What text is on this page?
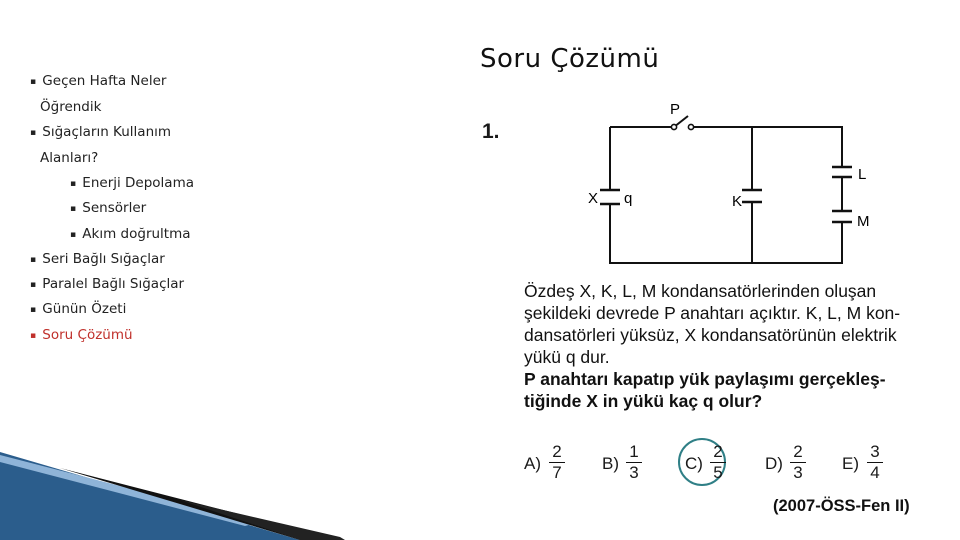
▪ Geçen Hafta Neler
Öğrendik
▪ Sığaçların Kullanım
Alanları?
▪ Enerji Depolama
▪ Sensörler
▪ Akım doğrultma
▪ Seri Bağlı Sığaçlar
▪ Paralel Bağlı Sığaçlar
▪ Günün Özeti
▪ Soru Çözümü
Soru Çözümü
1.
P
X q	K
L
M

Özdeş X, K, L, M kondansatörlerinden oluşan

şekildeki devrede P anahtarı açıktır. K, L, M kon-

dansatörleri yüksüz, X kondansatörünün elektrik

yükü q dur.

P anahtarı kapatıp yük paylaşımı gerçekleş-

tiğinde X in yükü kaç q olur?

$A) \frac{2}{7} B) \frac{1}{3}$	$C) \frac{2}{5} D) \frac{2}{3} E) \frac{3}{4}$
(2007-ÖSS-Fen II)
